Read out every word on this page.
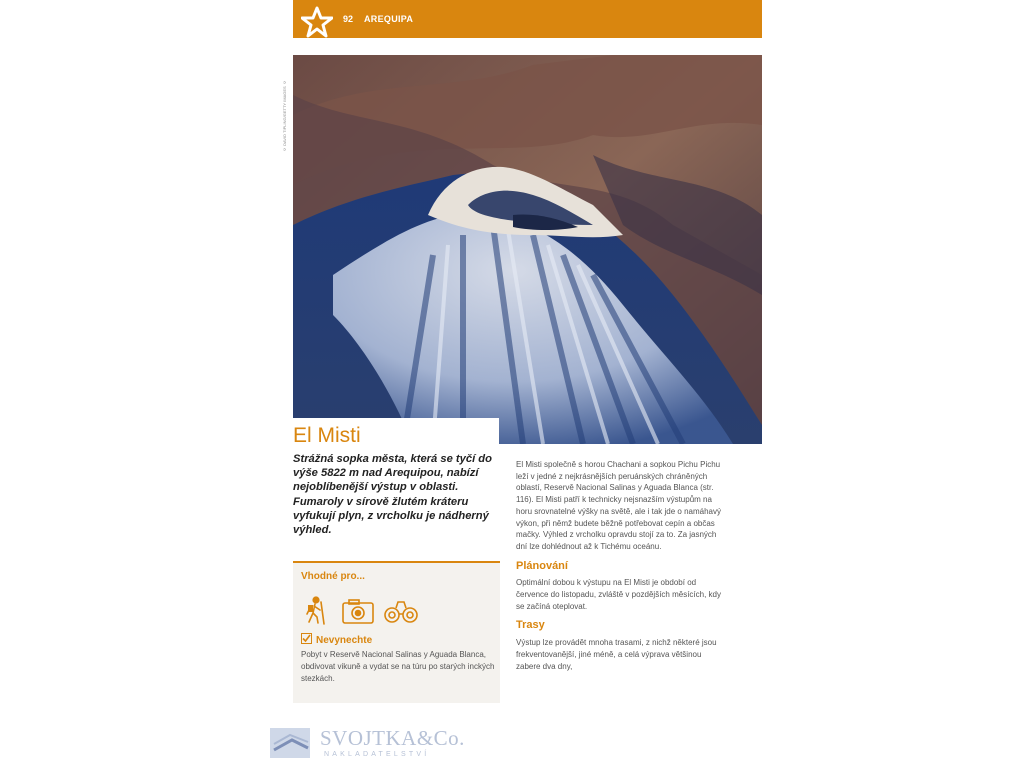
92 AREQUIPA
© DAVID TIPLING/GETTY IMAGES ©
El Misti

Strážná sopka města, která se tyčí do výše 5822 m nad Arequipou, nabízí nejoblíbenější výstup v oblasti. Fumaroly v sírově žlutém kráteru vyfukují plyn, z vrcholku je nádherný výhled.

El Misti společně s horou Chachani a sopkou Pichu Pichu leží v jedné z nejkrásnějších peruánských chráněných oblastí, Reservě Nacional Salinas y Aguada Blanca (str. 116). El Misti patří k technicky nejsnazším výstupům na horu srovnatelné výšky na světě, ale i tak jde o namáhavý výkon, při němž budete běžně potřebovat cepín a občas mačky. Výhled z vrcholku opravdu stojí za to. Za jasných dní lze dohlédnout až k Tichému oceánu.

Plánování

Optimální dobou k výstupu na El Misti je období od července do listopadu, zvláště v pozdějších měsících, kdy se začíná oteplovat.

Trasy

Výstup lze provádět mnoha trasami, z nichž některé jsou frekventovanější, jiné méně, a celá výprava většinou zabere dva dny,

Vhodné pro...
Nevynechte
Pobyt v Reservě Nacional Salinas y Aguada Blanca, obdivovat vikuně a vydat se na túru po starých inckých stezkách.
SVOJTKA&Co.
NAKLADATELSTVÍ
